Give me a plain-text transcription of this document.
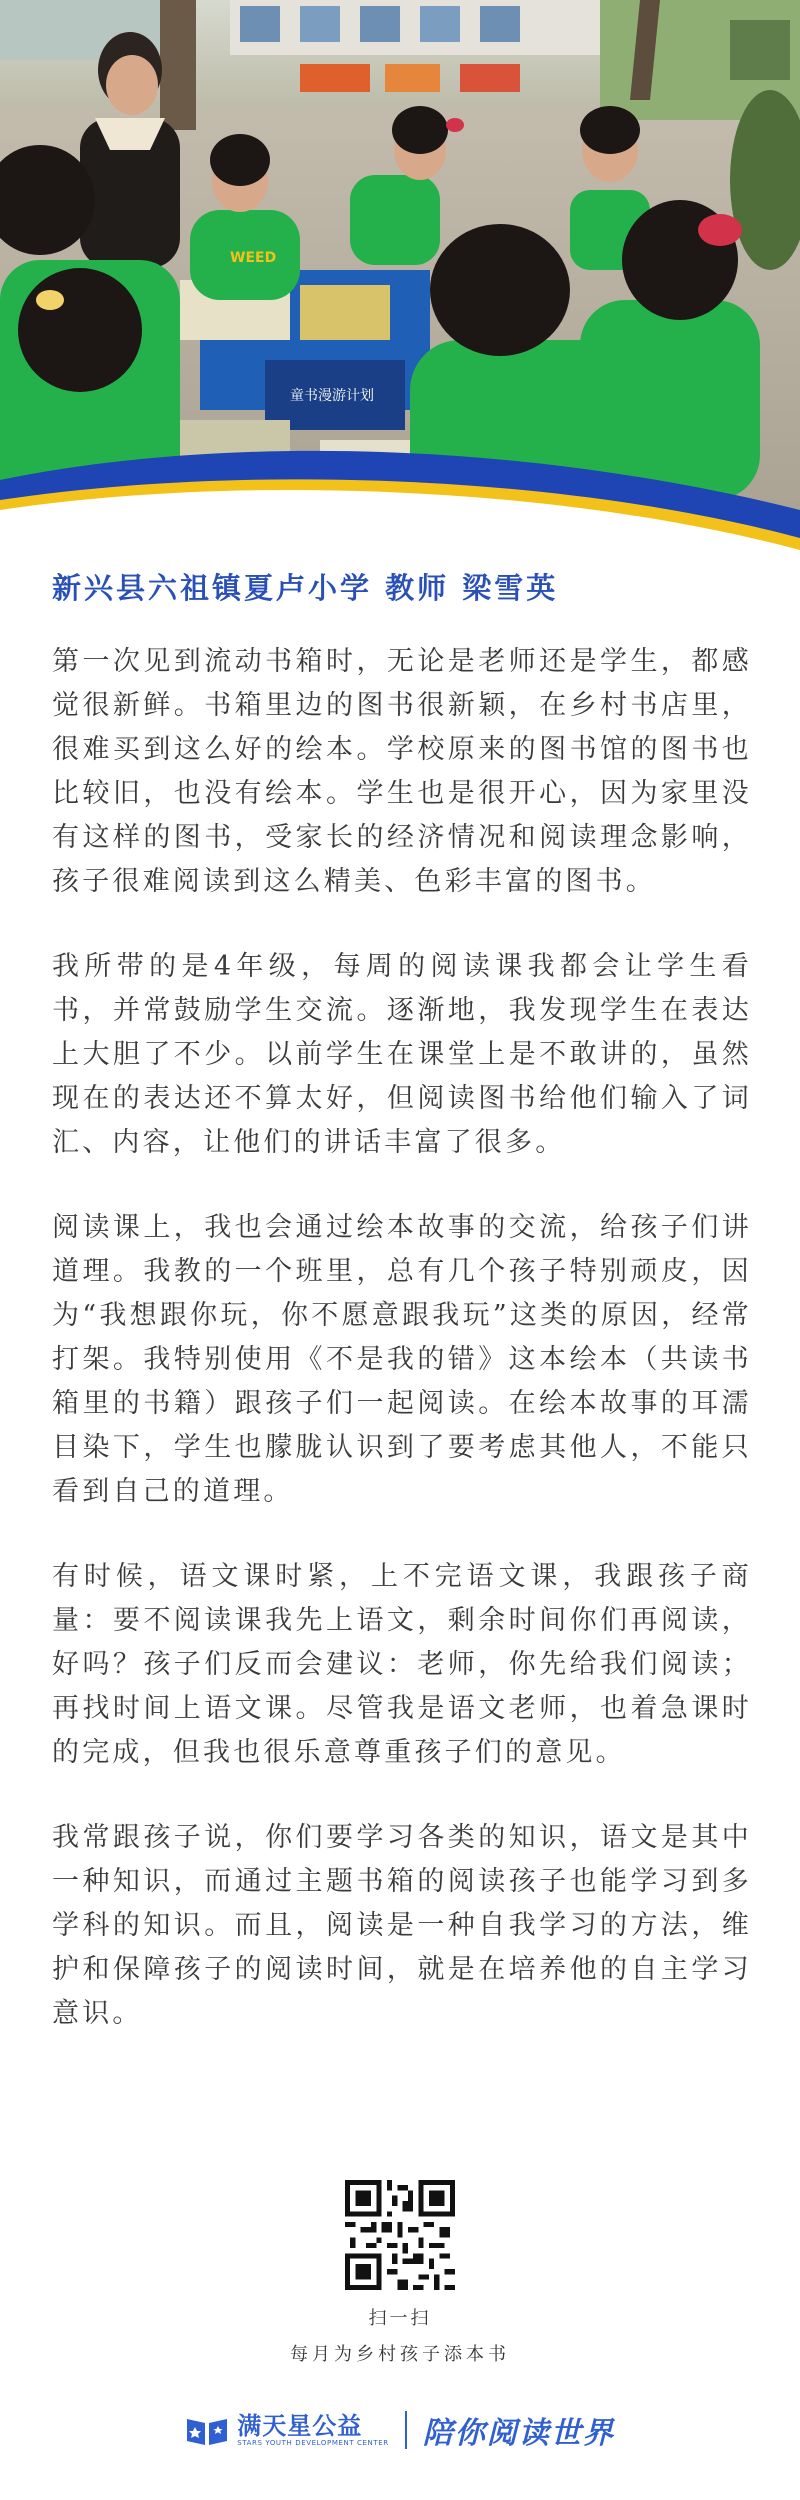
童书漫游计划
WEED
新兴县六祖镇夏卢小学 教师 梁雪英

第一次见到流动书箱时，无论是老师还是学生，都感觉很新鲜。书箱里边的图书很新颖，在乡村书店里，很难买到这么好的绘本。学校原来的图书馆的图书也比较旧，也没有绘本。学生也是很开心，因为家里没有这样的图书，受家长的经济情况和阅读理念影响，孩子很难阅读到这么精美、色彩丰富的图书。

我所带的是4年级，每周的阅读课我都会让学生看书，并常鼓励学生交流。逐渐地，我发现学生在表达上大胆了不少。以前学生在课堂上是不敢讲的，虽然现在的表达还不算太好，但阅读图书给他们输入了词汇、内容，让他们的讲话丰富了很多。

阅读课上，我也会通过绘本故事的交流，给孩子们讲道理。我教的一个班里，总有几个孩子特别顽皮，因为“我想跟你玩，你不愿意跟我玩”这类的原因，经常打架。我特别使用《不是我的错》这本绘本（共读书箱里的书籍）跟孩子们一起阅读。在绘本故事的耳濡目染下，学生也朦胧认识到了要考虑其他人，不能只看到自己的道理。

有时候，语文课时紧，上不完语文课，我跟孩子商量：要不阅读课我先上语文，剩余时间你们再阅读，好吗？孩子们反而会建议：老师，你先给我们阅读；再找时间上语文课。尽管我是语文老师，也着急课时的完成，但我也很乐意尊重孩子们的意见。

我常跟孩子说，你们要学习各类的知识，语文是其中一种知识，而通过主题书箱的阅读孩子也能学习到多学科的知识。而且，阅读是一种自我学习的方法，维护和保障孩子的阅读时间，就是在培养他的自主学习意识。

扫一扫
每月为乡村孩子添本书
满天星公益
STARS YOUTH DEVELOPMENT CENTER 陪你阅读世界
